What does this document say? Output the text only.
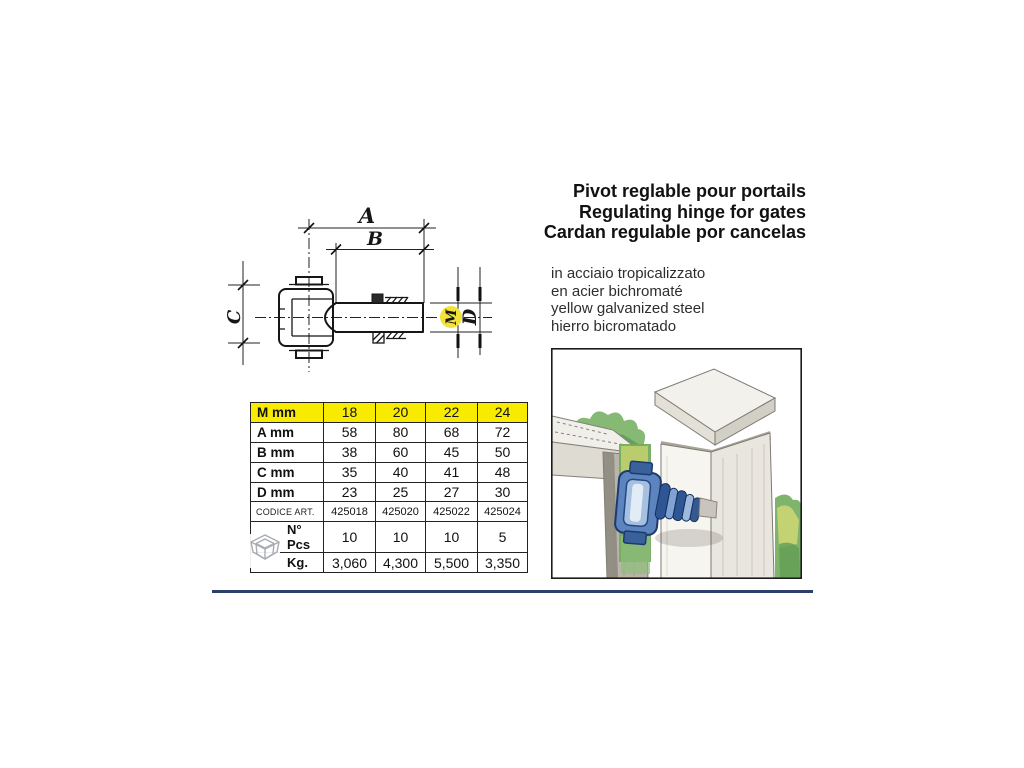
Pivot reglable pour portails
Regulating hinge for gates
Cardan regulable por cancelas
in acciaio tropicalizzato
en acier bichromaté
yellow galvanized steel
hierro bicromatado
A
B
C	M D
M mm	18	20	22	24
A mm	58	80	68	72
B mm	38	60	45	50
C mm	35	40	41	48
D mm	23	25	27	30
CODICE ART.	425018	425020	425022	425024
N° Pcs	10	10	10	5
Kg.	3,060	4,300	5,500	3,350
